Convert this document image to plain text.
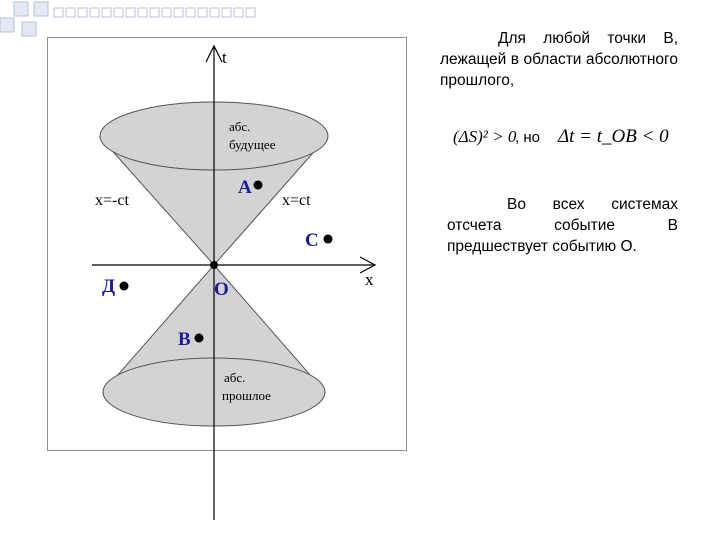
t
x
x=-ct	x=ct
абс.
будущее
абс.
прошлое
A
C
Д	O
B
Для любой точки B, лежащей в области абсолютного прошлого,
(ΔS)² > 0
, но Δt = t_OB < 0
Во всех системах отсчета событие B предшествует событию O.
